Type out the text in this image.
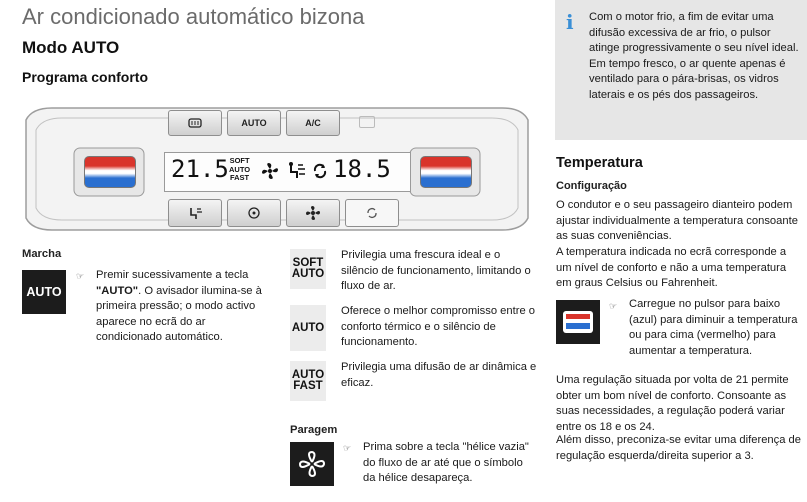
Ar condicionado automático bizona
Modo AUTO
Programa conforto
AUTO	A/C
21.5 SOFT
AUTO
FAST	18.5
Marcha
AUTO
☞ Premir sucessivamente a tecla "AUTO". O avisador ilumina-se à primeira pressão; o modo activo aparece no ecrã do ar condicionado automático.
SOFT
AUTO
Privilegia uma frescura ideal e o silêncio de funcionamento, limitando o fluxo de ar.
AUTO
Oferece o melhor compromisso entre o conforto térmico e o silêncio de funcionamento.
AUTO
FAST
Privilegia uma difusão de ar dinâmica e eficaz.
Paragem
☞ Prima sobre a tecla "hélice vazia" do fluxo de ar até que o símbolo da hélice desapareça.
i Com o motor frio, a fim de evitar uma difusão excessiva de ar frio, o pulsor atinge progressivamente o seu nível ideal. Em tempo fresco, o ar quente apenas é ventilado para o pára-brisas, os vidros laterais e os pés dos passageiros.
Temperatura
Configuração
O condutor e o seu passageiro dianteiro podem ajustar individualmente a temperatura consoante as suas conveniências.
A temperatura indicada no ecrã corresponde a um nível de conforto e não a uma temperatura em graus Celsius ou Fahrenheit.
☞ Carregue no pulsor para baixo (azul) para diminuir a temperatura ou para cima (vermelho) para aumentar a temperatura.
Uma regulação situada por volta de 21 permite obter um bom nível de conforto. Consoante as suas necessidades, a regulação poderá variar entre os 18 e os 24.
Além disso, preconiza-se evitar uma diferença de regulação esquerda/direita superior a 3.
